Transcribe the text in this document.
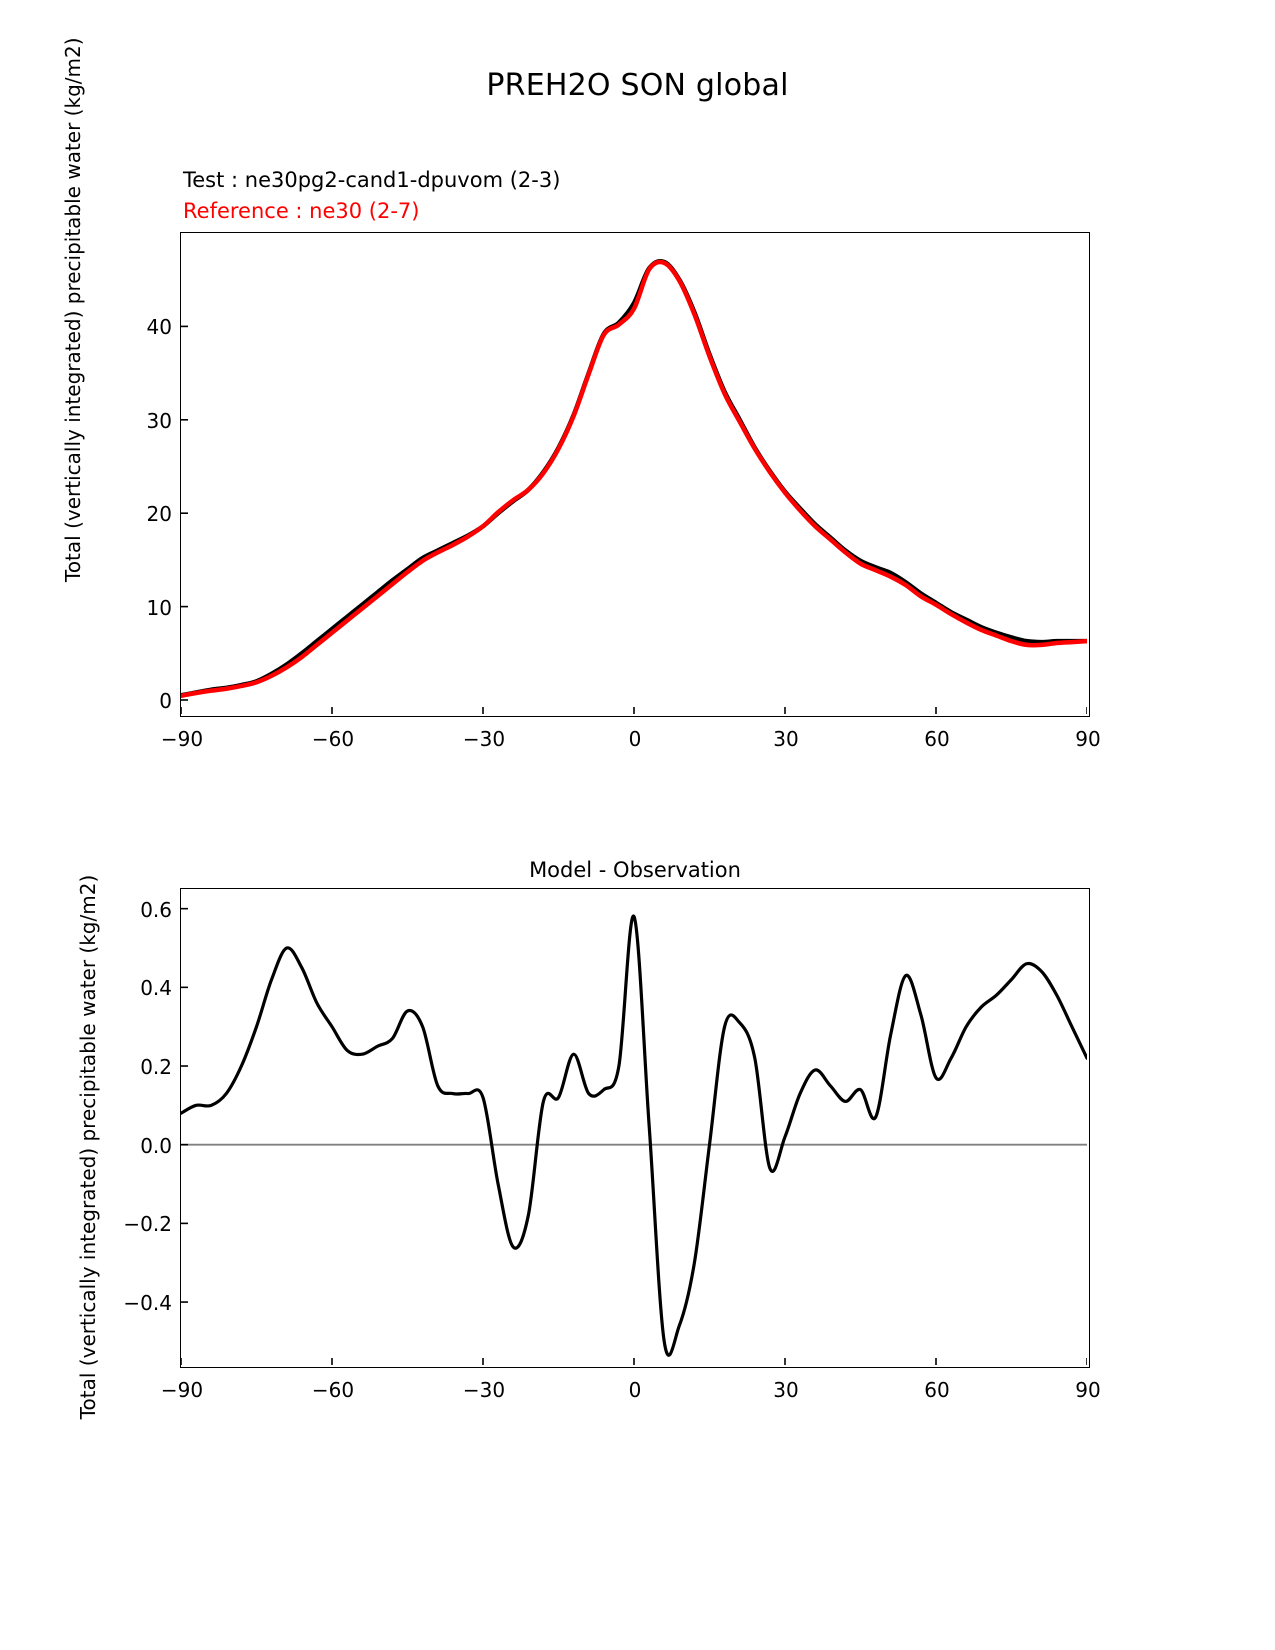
PREH2O SON global
Test : ne30pg2-cand1-dpuvom (2-3)
Reference : ne30 (2-7)
Total (vertically integrated) precipitable water (kg/m2)
Total (vertically integrated) precipitable water (kg/m2)
Model - Observation
−90	−60	−30	0	30	60	90
0
10
20
30
40
−90	−60	−30	0	30	60	90
−0.4
−0.2
0.0
0.2
0.4
0.6
